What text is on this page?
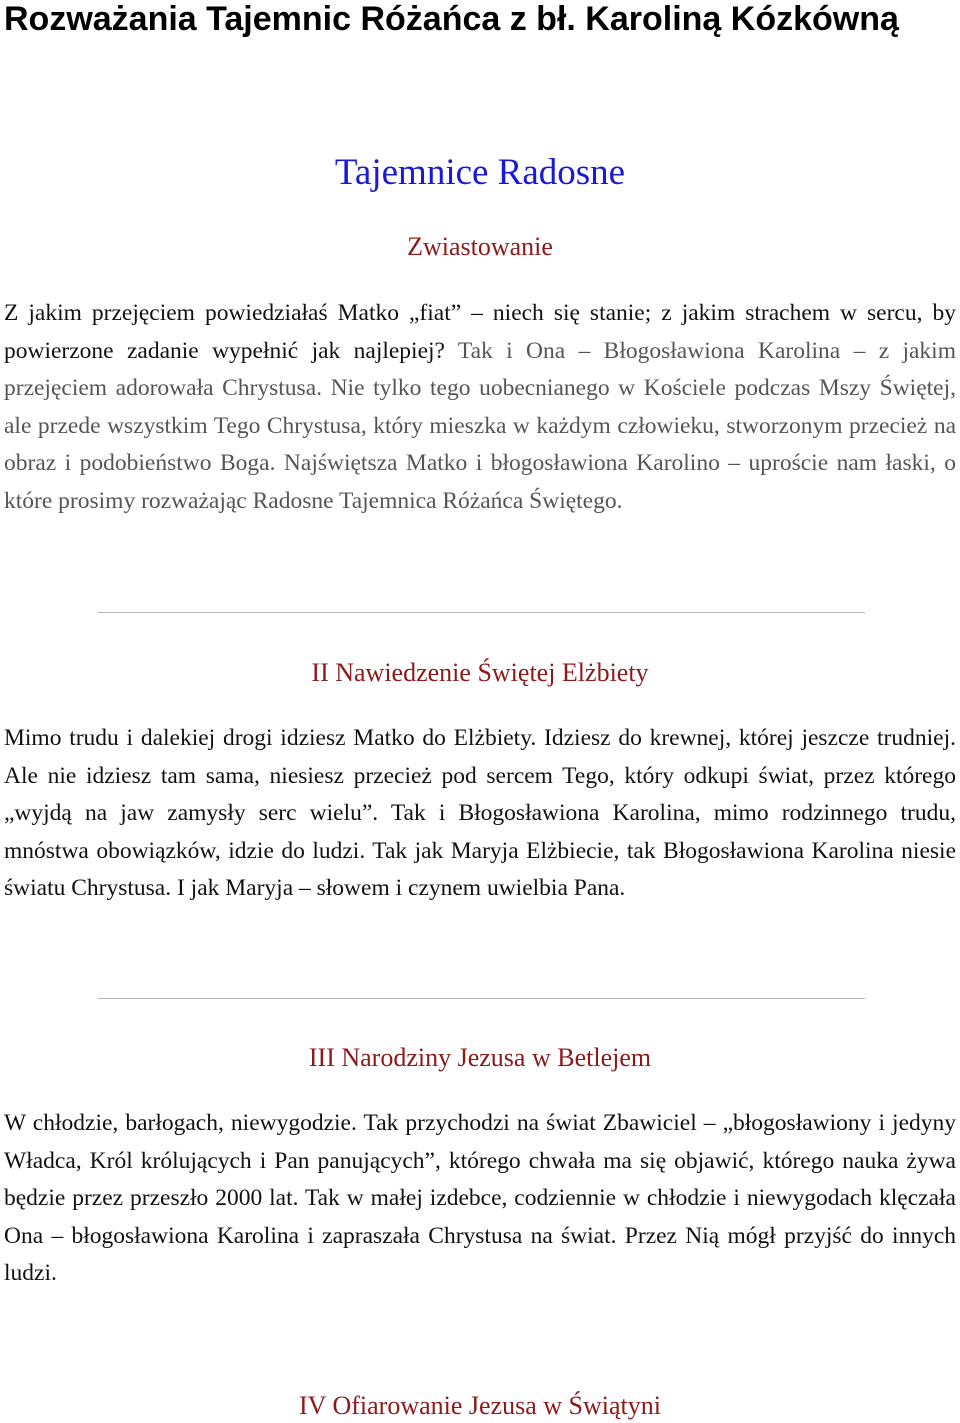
Rozważania Tajemnic Różańca z bł. Karoliną Kózkówną
Tajemnice Radosne
Zwiastowanie

Z jakim przejęciem powiedziałaś Matko „fiat” – niech się stanie; z jakim strachem w sercu, by powierzone zadanie wypełnić jak najlepiej? Tak i Ona – Błogosławiona Karolina – z jakim przejęciem adorowała Chrystusa. Nie tylko tego uobecnianego w Kościele podczas Mszy Świętej, ale przede wszystkim Tego Chrystusa, który mieszka w każdym człowieku, stworzonym przecież na obraz i podobieństwo Boga. Najświętsza Matko i błogosławiona Karolino – uproście nam łaski, o które prosimy rozważając Radosne Tajemnica Różańca Świętego.

II Nawiedzenie Świętej Elżbiety

Mimo trudu i dalekiej drogi idziesz Matko do Elżbiety. Idziesz do krewnej, której jeszcze trudniej. Ale nie idziesz tam sama, niesiesz przecież pod sercem Tego, który odkupi świat, przez którego „wyjdą na jaw zamysły serc wielu”. Tak i Błogosławiona Karolina, mimo rodzinnego trudu, mnóstwa obowiązków, idzie do ludzi. Tak jak Maryja Elżbiecie, tak Błogosławiona Karolina niesie światu Chrystusa. I jak Maryja – słowem i czynem uwielbia Pana.

III Narodziny Jezusa w Betlejem

W chłodzie, barłogach, niewygodzie. Tak przychodzi na świat Zbawiciel – „błogosławiony i jedyny Władca, Król królujących i Pan panujących”, którego chwała ma się objawić, którego nauka żywa będzie przez przeszło 2000 lat. Tak w małej izdebce, codziennie w chłodzie i niewygodach klęczała Ona – błogosławiona Karolina i zapraszała Chrystusa na świat. Przez Nią mógł przyjść do innych ludzi.

IV Ofiarowanie Jezusa w Świątyni
